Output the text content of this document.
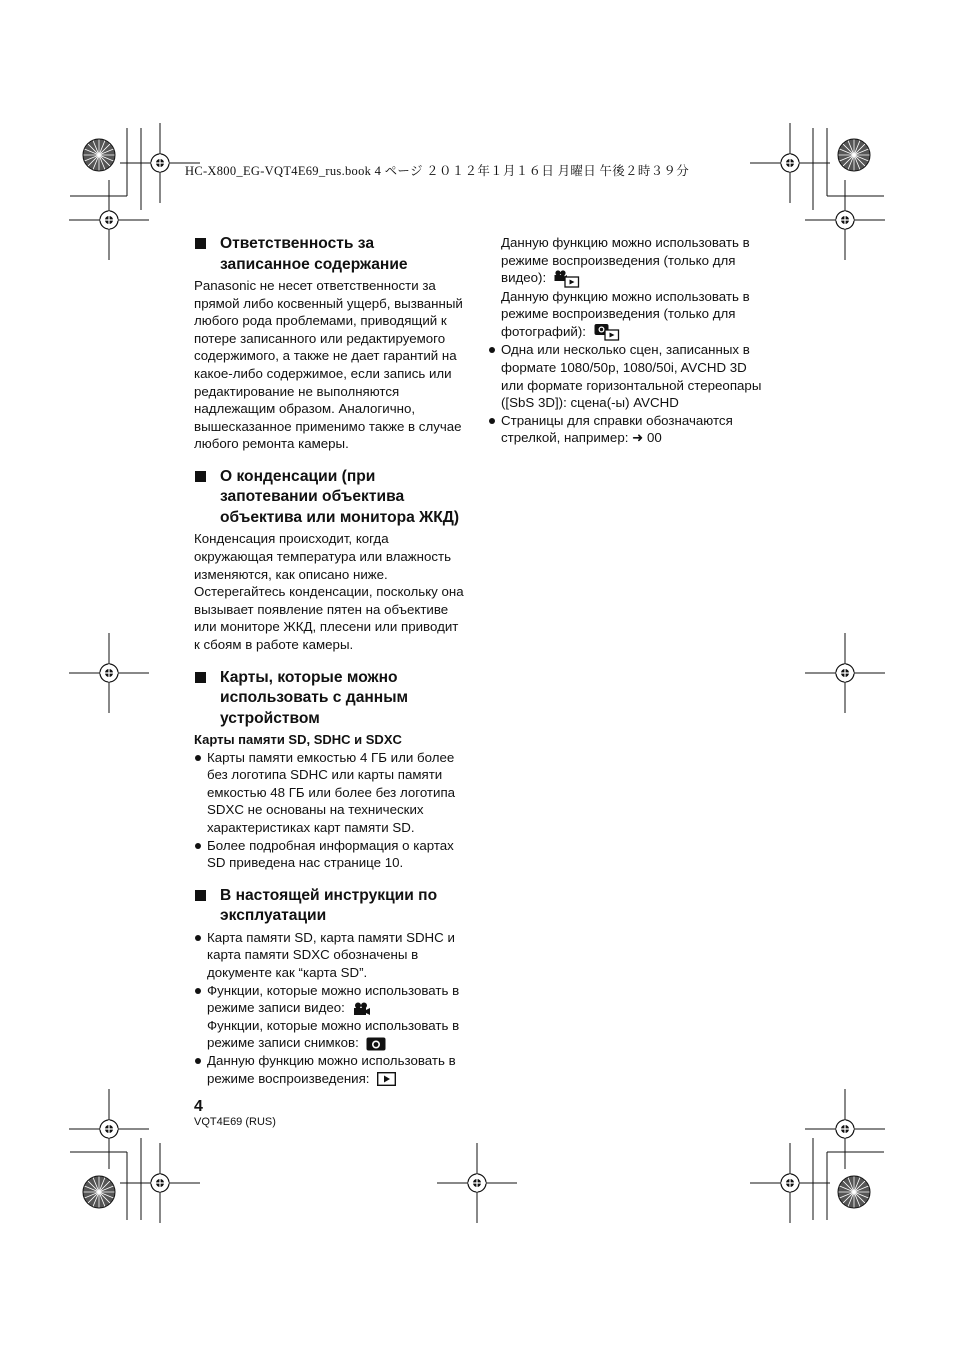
HC-X800_EG-VQT4E69_rus.book 4 ページ ２０１２年１月１６日 月曜日 午後２時３９分
Ответственность за записанное содержание

Panasonic не несет ответственности за прямой либо косвенный ущерб, вызванный любого рода проблемами, приводящий к потере записанного или редактируемого содержимого, а также не дает гарантий на какое-либо содержимое, если запись или редактирование не выполняются надлежащим образом. Аналогично, вышесказанное применимо также в случае любого ремонта камеры.

О конденсации (при запотевании объектива объектива или монитора ЖКД)

Конденсация происходит, когда окружающая температура или влажность изменяются, как описано ниже. Остерегайтесь конденсации, поскольку она вызывает появление пятен на объективе или мониторе ЖКД, плесени или приводит к сбоям в работе камеры.

Карты, которые можно использовать с данным устройством

Карты памяти SD, SDHC и SDXC

Карты памяти емкостью 4 ГБ или более без логотипа SDHC или карты памяти емкостью 48 ГБ или более без логотипа SDXC не основаны на технических характеристиках карт памяти SD.
Более подробная информация о картах SD приведена нас странице 10.
В настоящей инструкции по эксплуатации
Карта памяти SD, карта памяти SDHC и карта памяти SDXC обозначены в документе как “карта SD”.
Функции, которые можно использовать в режиме записи видео:
Функции, которые можно использовать в режиме записи снимков:
Данную функцию можно использовать в режиме воспроизведения:

Данную функцию можно использовать в режиме воспроизведения (только для видео):
Данную функцию можно использовать в режиме воспроизведения (только для фотографий):

Одна или несколько сцен, записанных в формате 1080/50p, 1080/50i, AVCHD 3D или формате горизонтальной стереопары ([SbS 3D]): сцена(-ы) AVCHD
Страницы для справки обозначаются стрелкой, например: ➜ 00
4
VQT4E69 (RUS)
